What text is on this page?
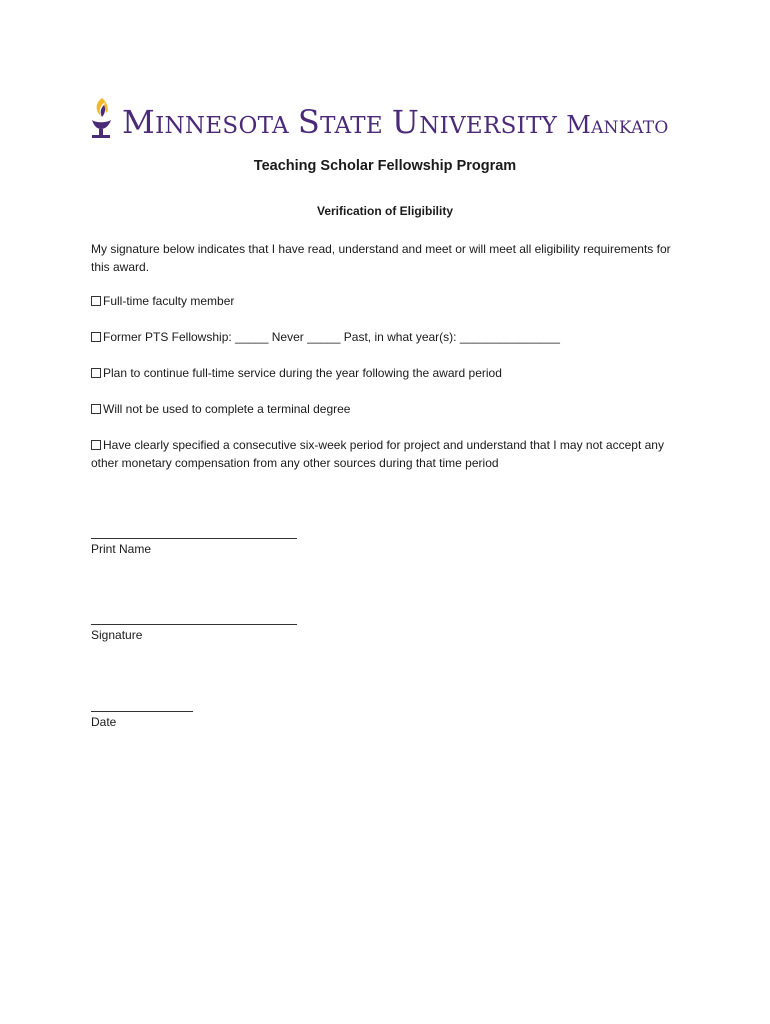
MINNESOTA STATE UNIVERSITY MANKATO
Teaching Scholar Fellowship Program
Verification of Eligibility
My signature below indicates that I have read, understand and meet or will meet all eligibility requirements for this award.
Full-time faculty member
Former PTS Fellowship: _____ Never _____ Past, in what year(s): _______________
Plan to continue full-time service during the year following the award period
Will not be used to complete a terminal degree
Have clearly specified a consecutive six-week period for project and understand that I may not accept any other monetary compensation from any other sources during that time period
Print Name
Signature
Date
